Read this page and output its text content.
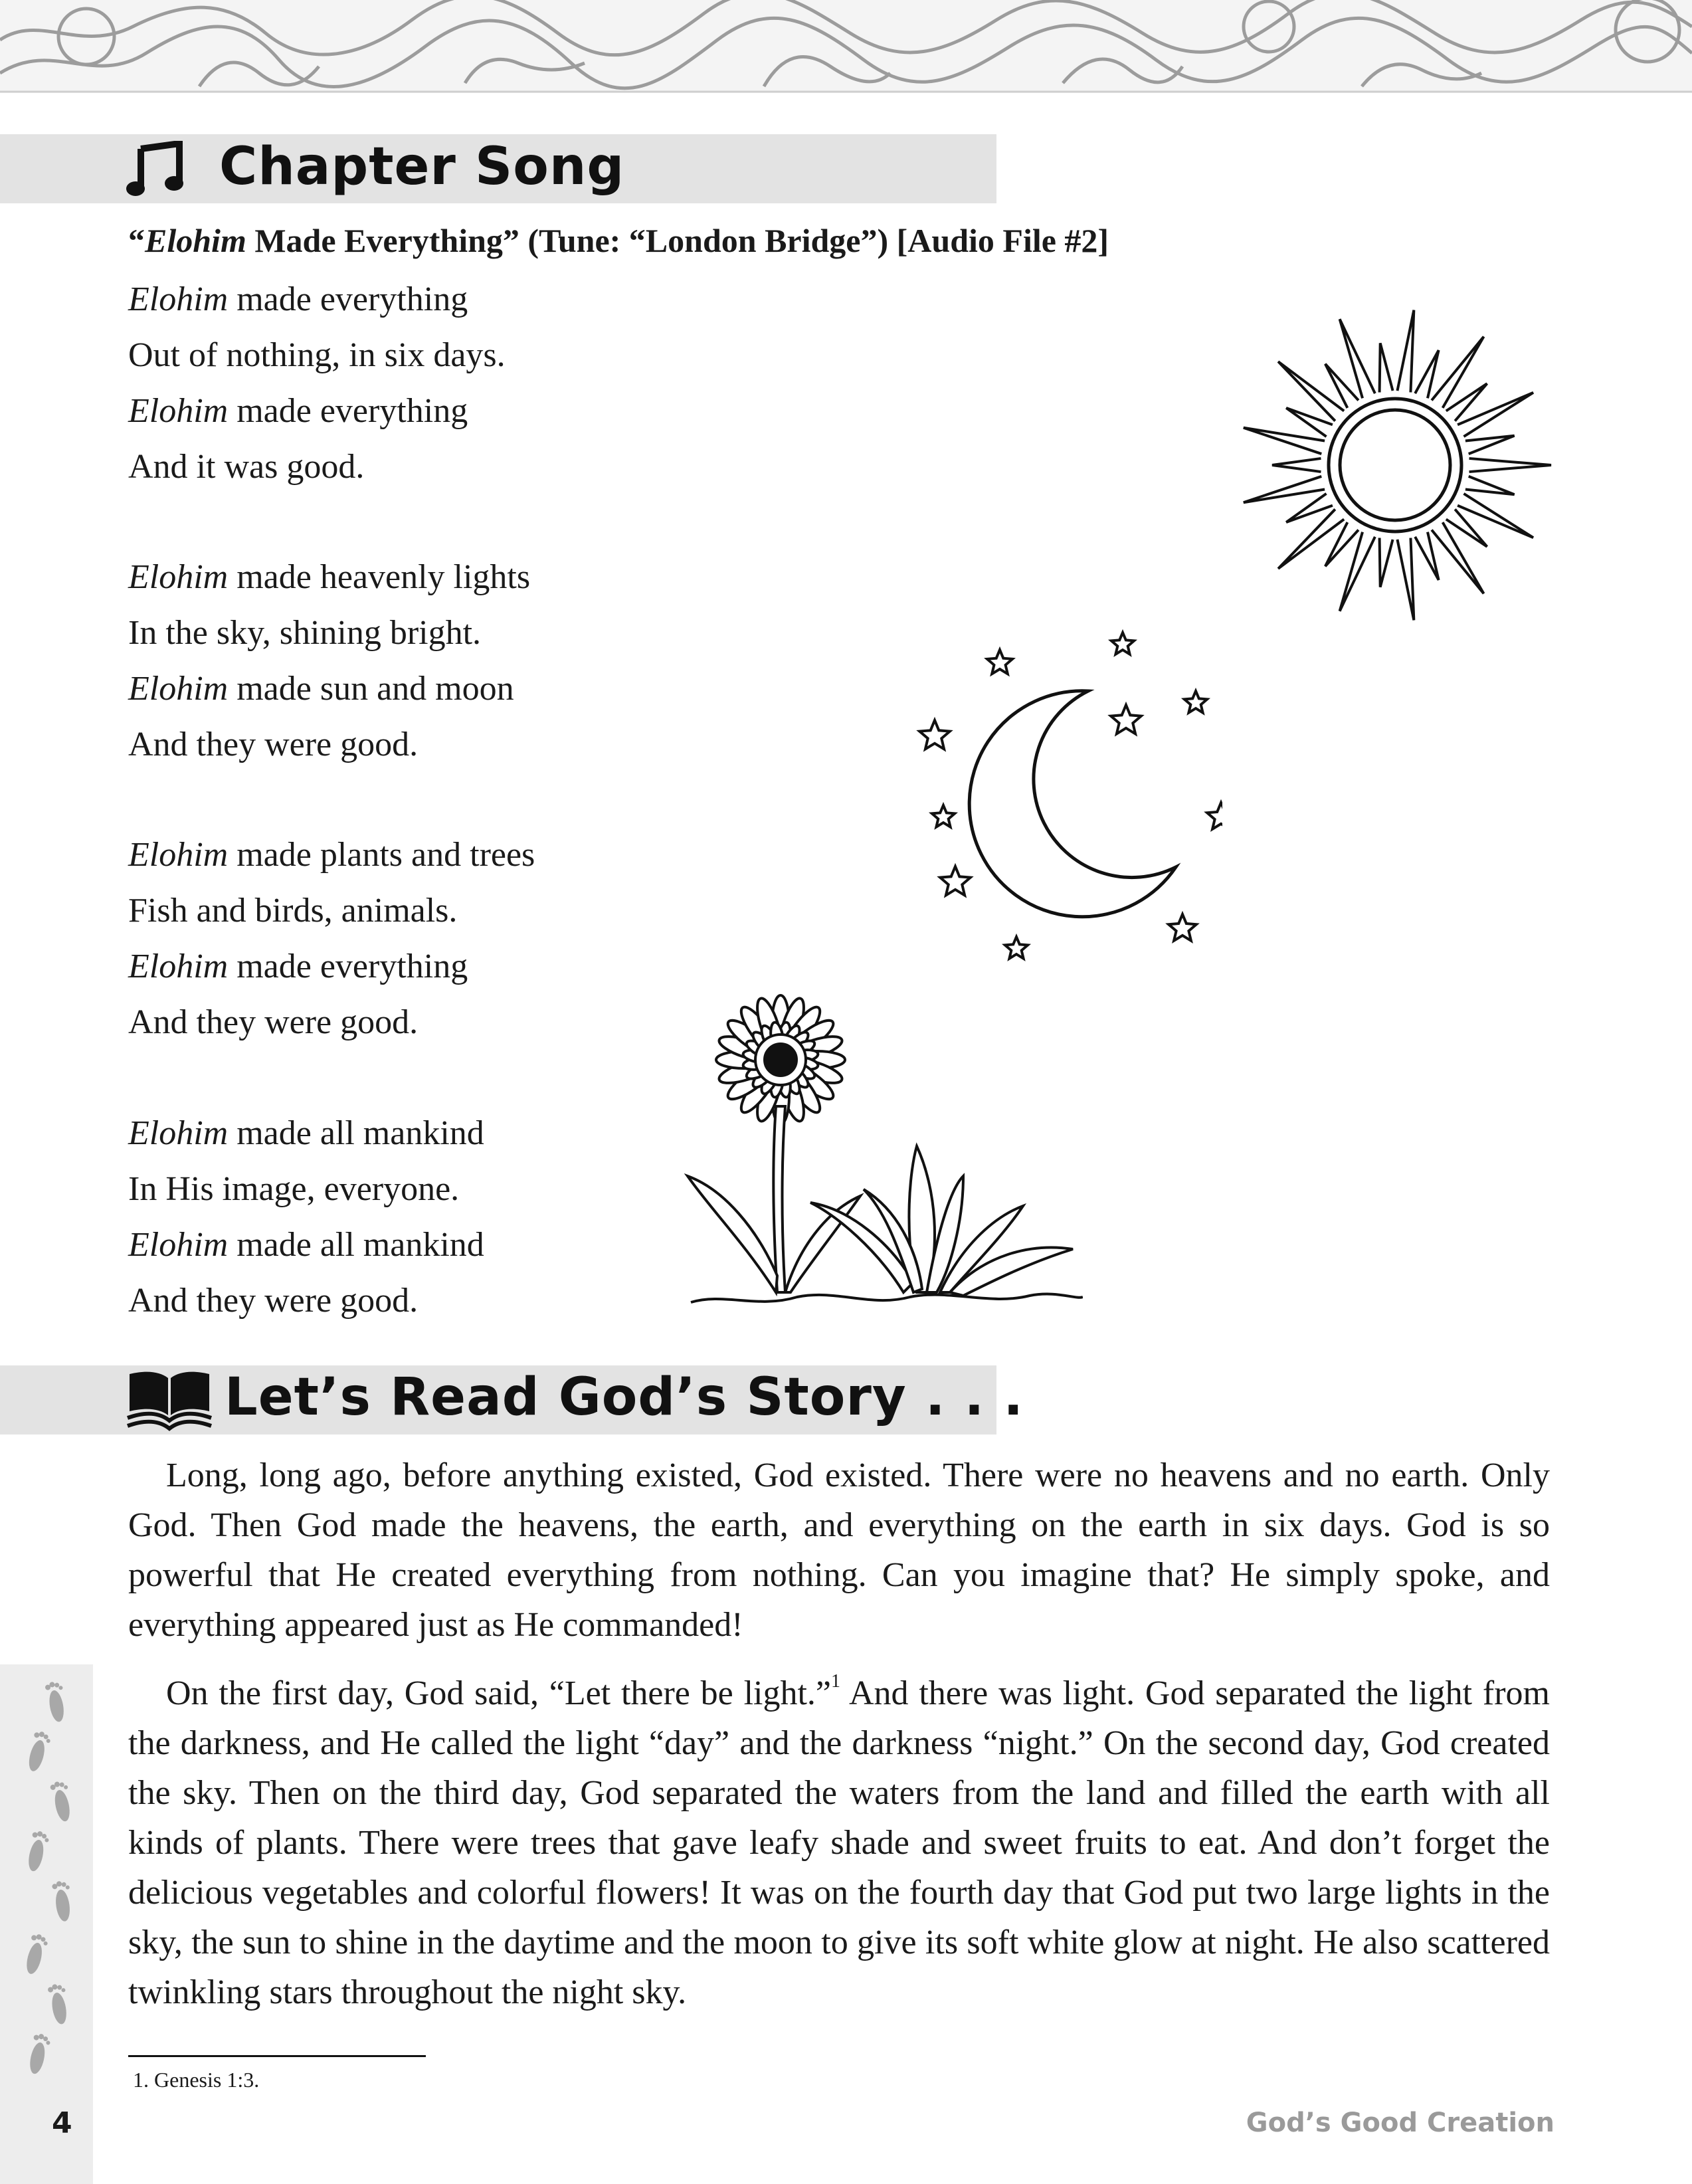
Chapter Song
“Elohim Made Everything” (Tune: “London Bridge”) [Audio File #2]
Elohim made everything
Out of nothing, in six days.
Elohim made everything
And it was good.
Elohim made heavenly lights
In the sky, shining bright.
Elohim made sun and moon
And they were good.
Elohim made plants and trees
Fish and birds, animals.
Elohim made everything
And they were good.
Elohim made all mankind
In His image, everyone.
Elohim made all mankind
And they were good.
Let’s Read God’s Story . . .

Long, long ago, before anything existed, God existed. There were no heavens and no earth. Only God. Then God made the heavens, the earth, and everything on the earth in six days. God is so powerful that He created everything from nothing. Can you imagine that? He simply spoke, and everything appeared just as He commanded!

On the first day, God said, “Let there be light.”$^1$ And there was light. God separated the light from the darkness, and He called the light “day” and the darkness “night.” On the second day, God created the sky. Then on the third day, God separated the waters from the land and filled the earth with all kinds of plants. There were trees that gave leafy shade and sweet fruits to eat. And don’t forget the delicious vegetables and colorful flowers! It was on the fourth day that God put two large lights in the sky, the sun to shine in the daytime and the moon to give its soft white glow at night. He also scattered twinkling stars throughout the night sky.

1. Genesis 1:3.
4	God’s Good Creation
